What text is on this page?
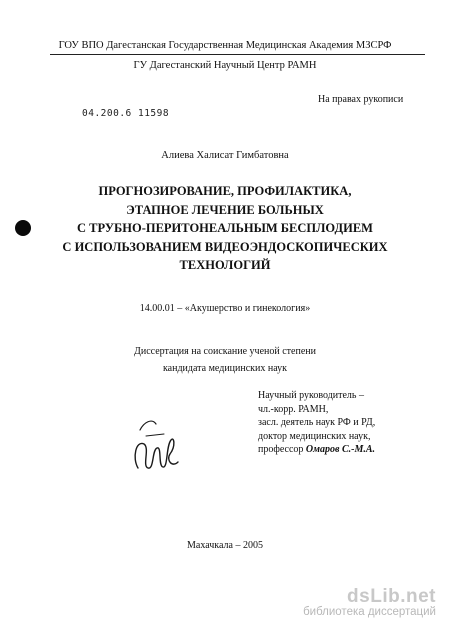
ГОУ ВПО Дагестанская Государственная Медицинская Академия МЗСРФ
ГУ Дагестанский Научный Центр РАМН
На правах рукописи
04.200.6 11598
Алиева Халисат Гимбатовна
ПРОГНОЗИРОВАНИЕ, ПРОФИЛАКТИКА,
ЭТАПНОЕ ЛЕЧЕНИЕ БОЛЬНЫХ
С ТРУБНО-ПЕРИТОНЕАЛЬНЫМ БЕСПЛОДИЕМ
С ИСПОЛЬЗОВАНИЕМ ВИДЕОЭНДОСКОПИЧЕСКИХ
ТЕХНОЛОГИЙ
14.00.01 – «Акушерство и гинекология»
Диссертация на соискание ученой степени
кандидата медицинских наук
Научный руководитель –
чл.-корр. РАМН,
засл. деятель наук РФ и РД,
доктор медицинских наук,
профессор Омаров С.-М.А.
Махачкала – 2005
dsLib.net
библиотека диссертаций
